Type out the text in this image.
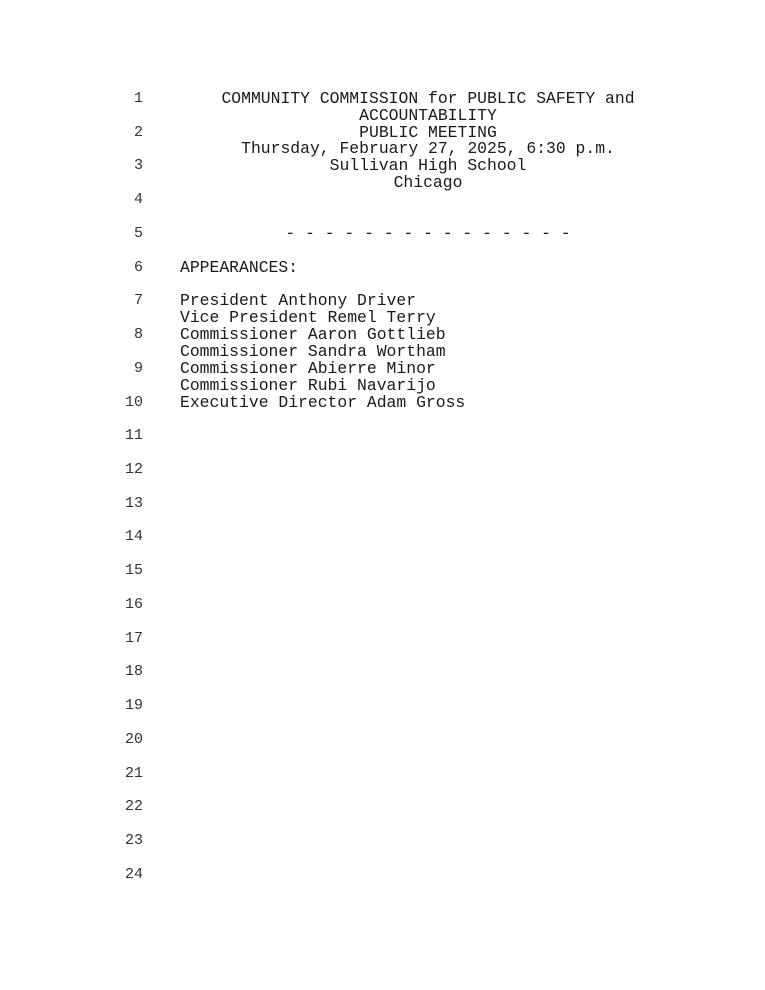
1
2
3
4
5
6
7
8
9
10
11
12
13
14
15
16
17
18
19
20
21
22
23
24
COMMUNITY COMMISSION for PUBLIC SAFETY and
ACCOUNTABILITY
PUBLIC MEETING
Thursday, February 27, 2025, 6:30 p.m.
Sullivan High School
Chicago
- - - - - - - - - - - - - - -
APPEARANCES:
President Anthony Driver
Vice President Remel Terry
Commissioner Aaron Gottlieb
Commissioner Sandra Wortham
Commissioner Abierre Minor
Commissioner Rubi Navarijo
Executive Director Adam Gross
